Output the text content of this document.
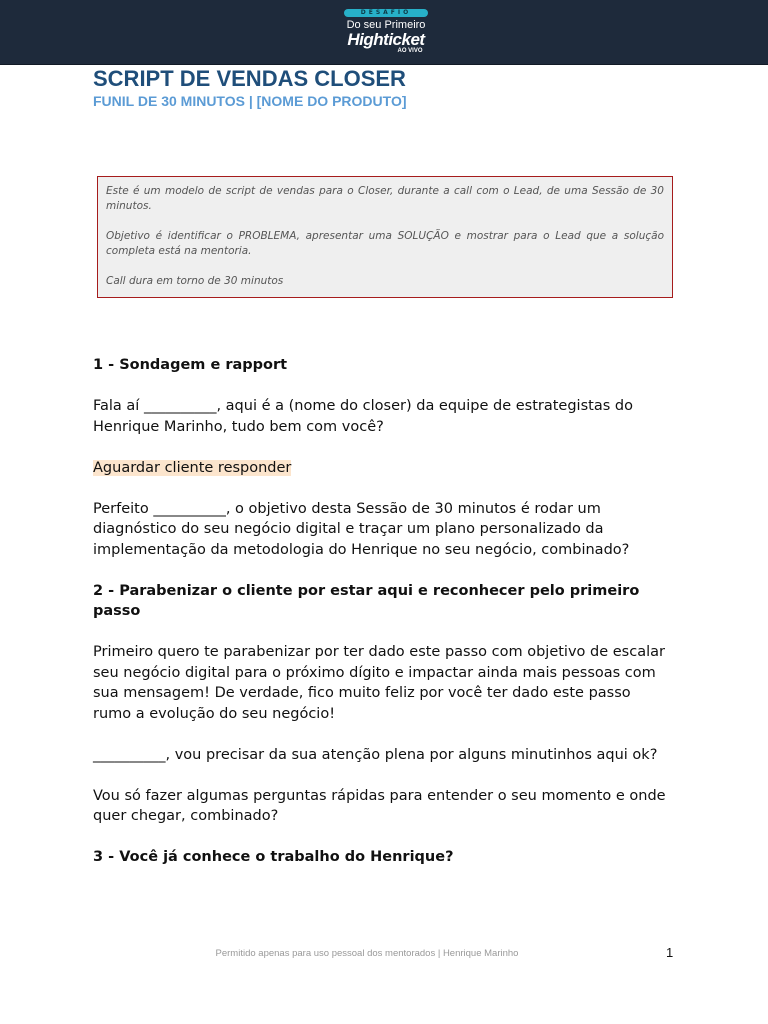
DESAFIO
Do seu Primeiro
Highticket
AO VIVO
SCRIPT DE VENDAS CLOSER
FUNIL DE 30 MINUTOS | [NOME DO PRODUTO]

Este é um modelo de script de vendas para o Closer, durante a call com o Lead, de uma Sessão de 30 minutos.

Objetivo é identificar o PROBLEMA, apresentar uma SOLUÇÃO e mostrar para o Lead que a solução completa está na mentoria.

Call dura em torno de 30 minutos

1 - Sondagem e rapport

Fala aí __________, aqui é a (nome do closer) da equipe de estrategistas do Henrique Marinho, tudo bem com você?

Aguardar cliente responder

Perfeito __________, o objetivo desta Sessão de 30 minutos é rodar um diagnóstico do seu negócio digital e traçar um plano personalizado da implementação da metodologia do Henrique no seu negócio, combinado?

2 - Parabenizar o cliente por estar aqui e reconhecer pelo primeiro passo

Primeiro quero te parabenizar por ter dado este passo com objetivo de escalar seu negócio digital para o próximo dígito e impactar ainda mais pessoas com sua mensagem! De verdade, fico muito feliz por você ter dado este passo rumo a evolução do seu negócio!

__________, vou precisar da sua atenção plena por alguns minutinhos aqui ok?

Vou só fazer algumas perguntas rápidas para entender o seu momento e onde quer chegar, combinado?

3 - Você já conhece o trabalho do Henrique?

Permitido apenas para uso pessoal dos mentorados | Henrique Marinho	1
